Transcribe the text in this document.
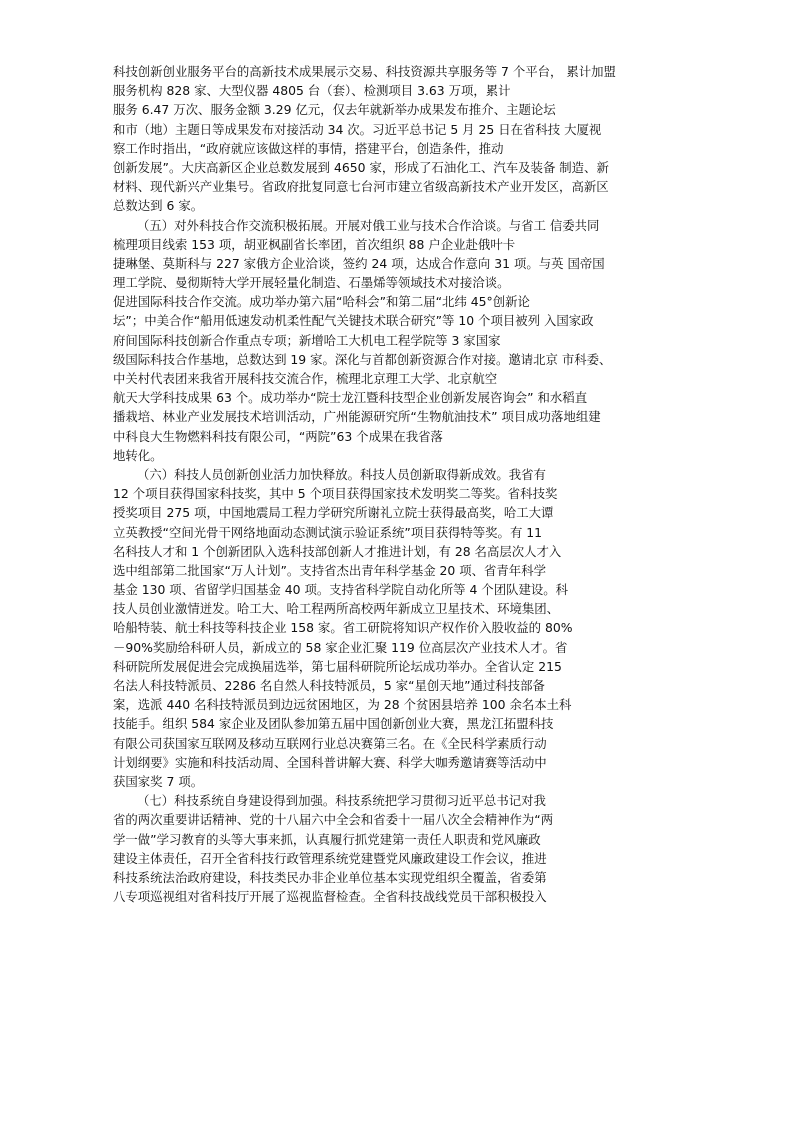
科技创新创业服务平台的高新技术成果展示交易、科技资源共享服务等 7 个平台， 累计加盟
服务机构 828 家、大型仪器 4805 台（套）、检测项目 3.63 万项，累计
服务 6.47 万次、服务金额 3.29 亿元，仅去年就新举办成果发布推介、主题论坛
和市（地）主题日等成果发布对接活动 34 次。习近平总书记 5 月 25 日在省科技 大厦视
察工作时指出，“政府就应该做这样的事情，搭建平台，创造条件，推动
创新发展”。大庆高新区企业总数发展到 4650 家，形成了石油化工、汽车及装备 制造、新
材料、现代新兴产业集号。省政府批复同意七台河市建立省级高新技术产业开发区，高新区
总数达到 6 家。
（五）对外科技合作交流积极拓展。开展对俄工业与技术合作洽谈。与省工 信委共同
梳理项目线索 153 项，胡亚枫副省长率团，首次组织 88 户企业赴俄叶卡
捷琳堡、莫斯科与 227 家俄方企业洽谈，签约 24 项，达成合作意向 31 项。与英 国帝国
理工学院、曼彻斯特大学开展轻量化制造、石墨烯等领域技术对接洽谈。
促进国际科技合作交流。成功举办第六届“哈科会”和第二届“北纬 45°创新论
坛”；中美合作“船用低速发动机柔性配气关键技术联合研究”等 10 个项目被列 入国家政
府间国际科技创新合作重点专项；新增哈工大机电工程学院等 3 家国家
级国际科技合作基地，总数达到 19 家。深化与首都创新资源合作对接。邀请北京 市科委、
中关村代表团来我省开展科技交流合作，梳理北京理工大学、北京航空
航天大学科技成果 63 个。成功举办“院士龙江暨科技型企业创新发展咨询会” 和水稻直
播栽培、林业产业发展技术培训活动，广州能源研究所“生物航油技术” 项目成功落地组建
中科良大生物燃料科技有限公司，“两院”63 个成果在我省落
地转化。
（六）科技人员创新创业活力加快释放。科技人员创新取得新成效。我省有
12 个项目获得国家科技奖，其中 5 个项目获得国家技术发明奖二等奖。省科技奖
授奖项目 275 项，中国地震局工程力学研究所谢礼立院士获得最高奖，哈工大谭
立英教授“空间光骨干网络地面动态测试演示验证系统”项目获得特等奖。有 11
名科技人才和 1 个创新团队入选科技部创新人才推进计划，有 28 名高层次人才入
选中组部第二批国家“万人计划”。支持省杰出青年科学基金 20 项、省青年科学
基金 130 项、省留学归国基金 40 项。支持省科学院自动化所等 4 个团队建设。科
技人员创业激情迸发。哈工大、哈工程两所高校两年新成立卫星技术、环境集团、
哈船特装、航士科技等科技企业 158 家。省工研院将知识产权作价入股收益的 80%
－90%奖励给科研人员，新成立的 58 家企业汇聚 119 位高层次产业技术人才。省
科研院所发展促进会完成换届选举，第七届科研院所论坛成功举办。全省认定 215
名法人科技特派员、2286 名自然人科技特派员，5 家“星创天地”通过科技部备
案，选派 440 名科技特派员到边远贫困地区，为 28 个贫困县培养 100 余名本土科
技能手。组织 584 家企业及团队参加第五届中国创新创业大赛，黑龙江拓盟科技
有限公司获国家互联网及移动互联网行业总决赛第三名。在《全民科学素质行动
计划纲要》实施和科技活动周、全国科普讲解大赛、科学大咖秀邀请赛等活动中
获国家奖 7 项。
（七）科技系统自身建设得到加强。科技系统把学习贯彻习近平总书记对我
省的两次重要讲话精神、党的十八届六中全会和省委十一届八次全会精神作为“两
学一做”学习教育的头等大事来抓，认真履行抓党建第一责任人职责和党风廉政
建设主体责任，召开全省科技行政管理系统党建暨党风廉政建设工作会议，推进
科技系统法治政府建设，科技类民办非企业单位基本实现党组织全覆盖，省委第
八专项巡视组对省科技厅开展了巡视监督检查。全省科技战线党员干部积极投入
